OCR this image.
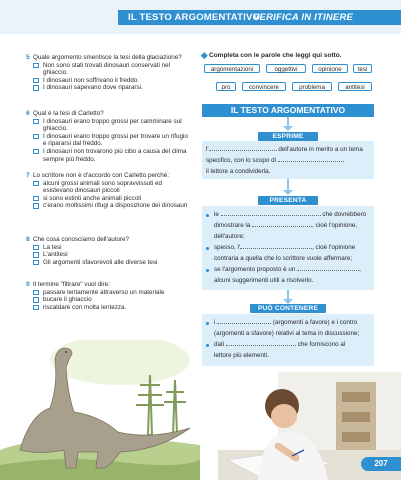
IL TESTO ARGOMENTATIVO
VERIFICA IN ITINERE
5 Quale argomento smentisce la tesi della glaciazione?
Non sono stati trovati dinosauri conservati nel ghiaccio.
I dinosauri non soffrivano il freddo.
I dinosauri sapevano dove ripararsi.
6 Qual è la tesi di Carletto?
I dinosauri erano troppo grossi per camminare sul ghiaccio.
I dinosauri erano troppo grossi per trovare un rifugio e ripararsi dal freddo.
I dinosauri non trovarono più cibo a causa del clima sempre più freddo.
7 Lo scrittore non è d'accordo con Carletto perché:
alcuni grossi animali sono sopravvissuti ed esistevano dinosauri piccoli
si sono estinti anche animali piccoli
c'erano moltissimi rifugi a disposizione dei dinosauri
8 Che cosa conosciamo dell'autore?
La tesi
L'antitesi
Gli argomenti sfavorevoli alle diverse tesi
9 Il termine "filtrare" vuol dire:
passare lentamente attraverso un materiale
bucare il ghiaccio
riscaldare con molta lentezza.
Completa con le parole che leggi qui sotto.
argomentazioni	oggettivi	opinione	tesi
pro	convincere	problema	antitesi
IL TESTO ARGOMENTATIVO
ESPRIME
l'	dell'autore in merito a un tema
specifico, con lo scopo di
il lettore a condividerla.
PRESENTA
le	che dovrebbero
dimostrare la	, cioè l'opinione,
dell'autore;
spesso, l'	, cioè l'opinione
contraria a quella che lo scrittore vuole affermare;
se l'argomento proposto è un	,
alcuni suggerimenti utili a risolverlo.
PUÒ CONTENERE
i	(argomenti a favore) e i contro
(argomenti a sfavore) relativi al tema in discussione;
dati	che forniscono al
lettore più elementi.
207
